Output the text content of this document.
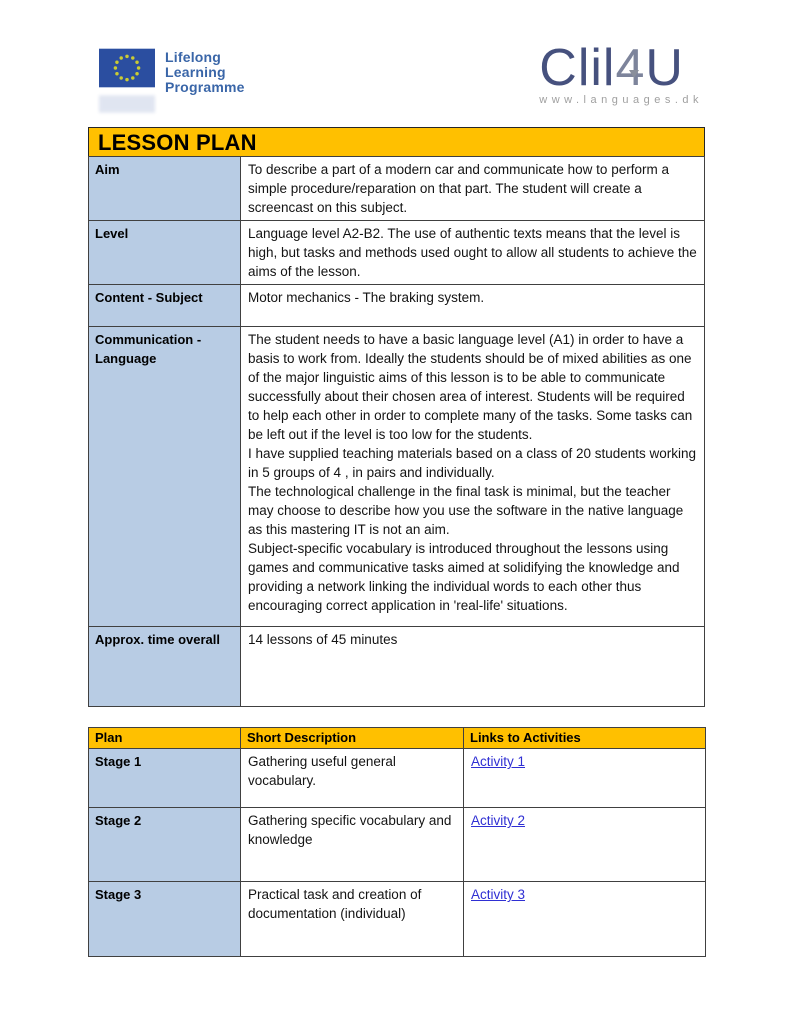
Lifelong
Learning
Programme	Clil4
U
www.languages.dk
LESSON PLAN
Aim	To describe a part of a modern car and communicate how to perform a simple procedure/reparation on that part. The student will create a screencast on this subject.
Level	Language level A2-B2. The use of authentic texts means that the level is high, but tasks and methods used ought to allow all students to achieve the aims of the lesson.
Content - Subject	Motor mechanics - The braking system.
Communication - Language	The student needs to have a basic language level (A1) in order to have a basis to work from. Ideally the students should be of mixed abilities as one of the major linguistic aims of this lesson is to be able to communicate successfully about their chosen area of interest. Students will be required to help each other in order to complete many of the tasks. Some tasks can be left out if the level is too low for the students.
I have supplied teaching materials based on a class of 20 students working in 5 groups of 4 , in pairs and individually.
The technological challenge in the final task is minimal, but the teacher may choose to describe how you use the software in the native language as this mastering IT is not an aim.
Subject-specific vocabulary is introduced throughout the lessons using games and communicative tasks aimed at solidifying the knowledge and providing a network linking the individual words to each other thus encouraging correct application in 'real-life' situations.
Approx. time overall	14 lessons of 45 minutes
Plan	Short Description	Links to Activities
Stage 1	Gathering useful general vocabulary.	Activity 1
Stage 2	Gathering specific vocabulary and knowledge	Activity 2
Stage 3	Practical task and creation of documentation (individual)	Activity 3
